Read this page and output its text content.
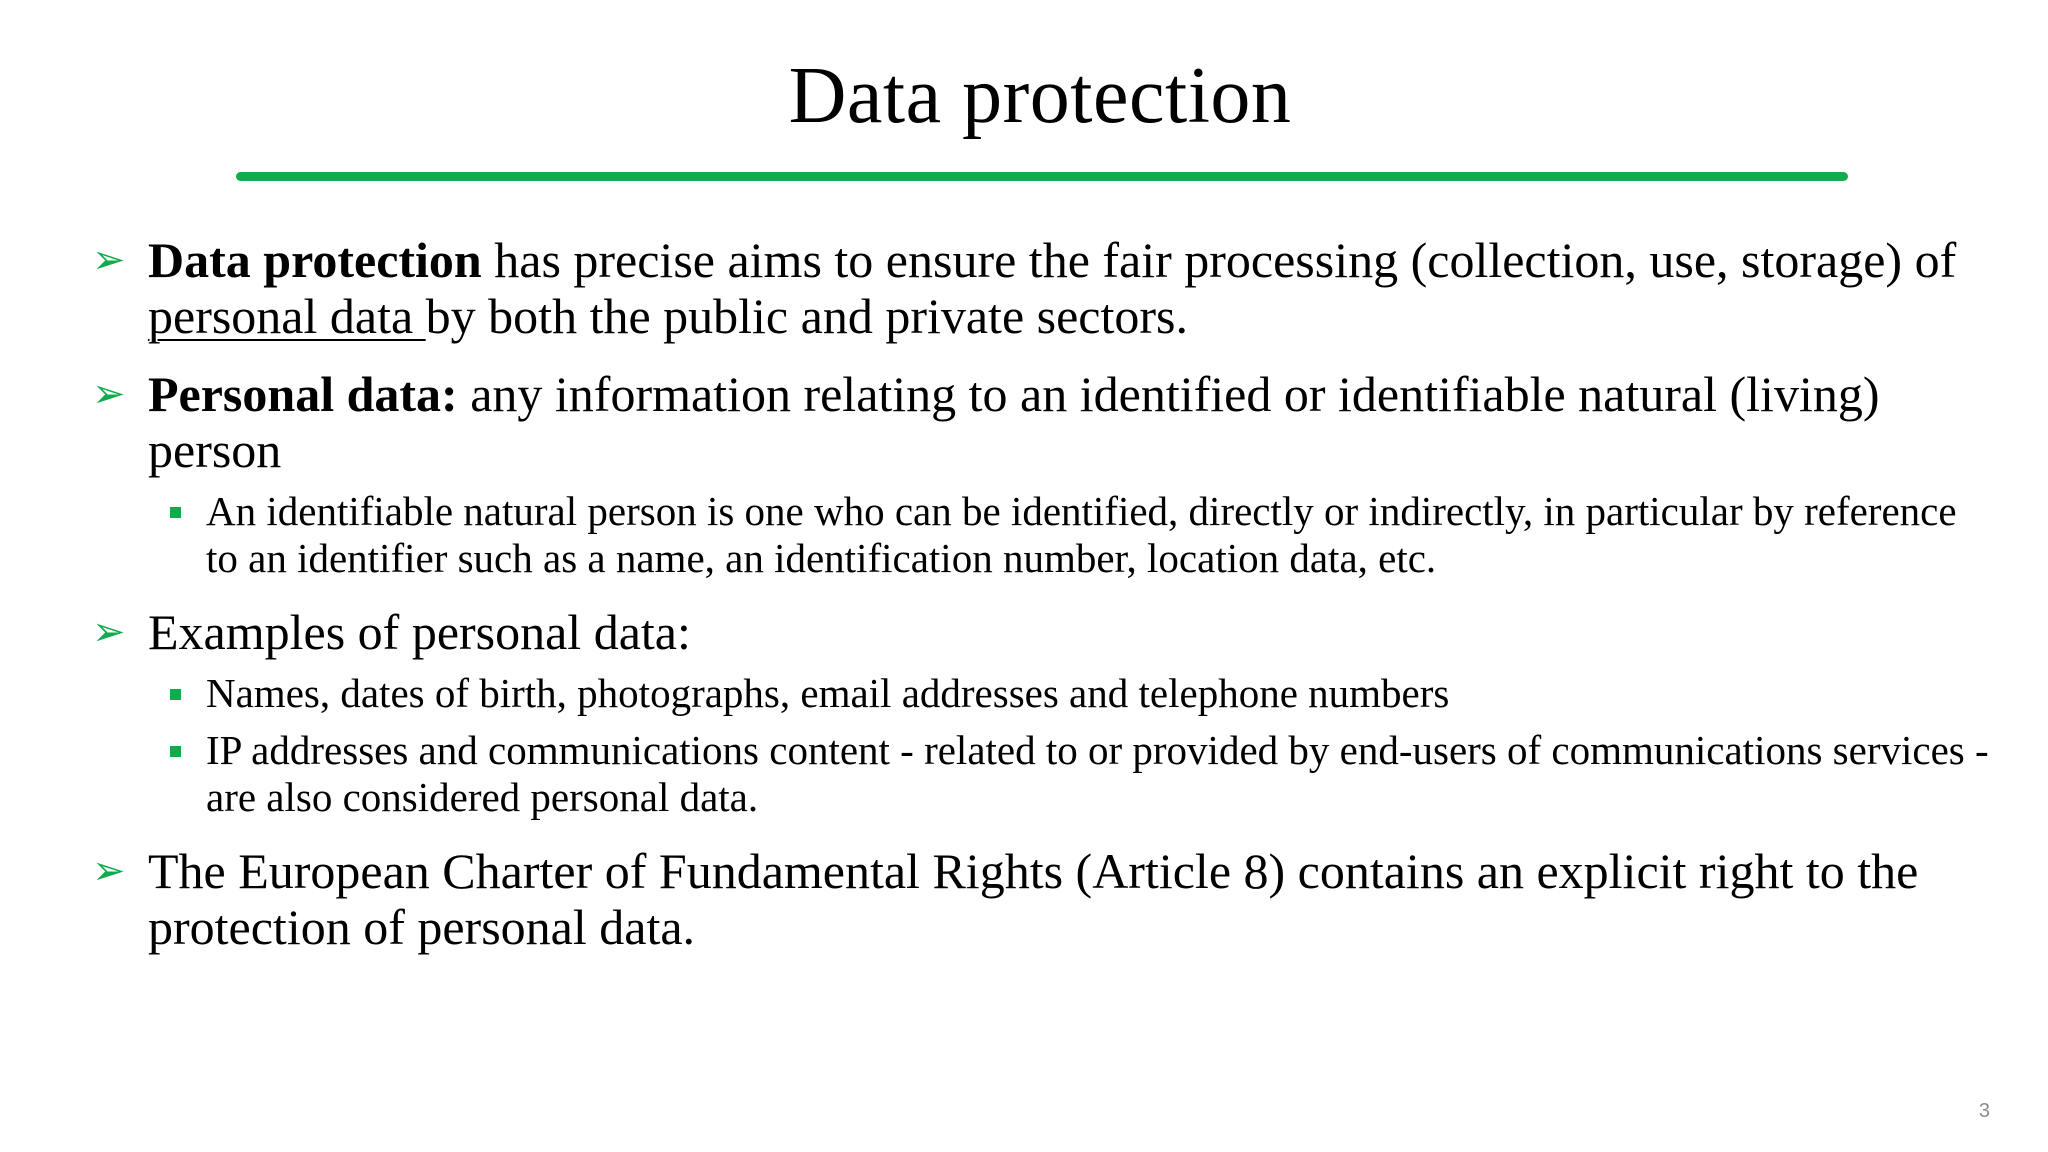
Data protection
➢ Data protection has precise aims to ensure the fair processing (collection, use, storage) of personal data by both the public and private sectors.
➢ Personal data: any information relating to an identified or identifiable natural (living) person
An identifiable natural person is one who can be identified, directly or indirectly, in particular by reference to an identifier such as a name, an identification number, location data, etc.
➢ Examples of personal data:
Names, dates of birth, photographs, email addresses and telephone numbers
IP addresses and communications content - related to or provided by end-users of communications services - are also considered personal data.
➢ The European Charter of Fundamental Rights (Article 8) contains an explicit right to the protection of personal data.
3
